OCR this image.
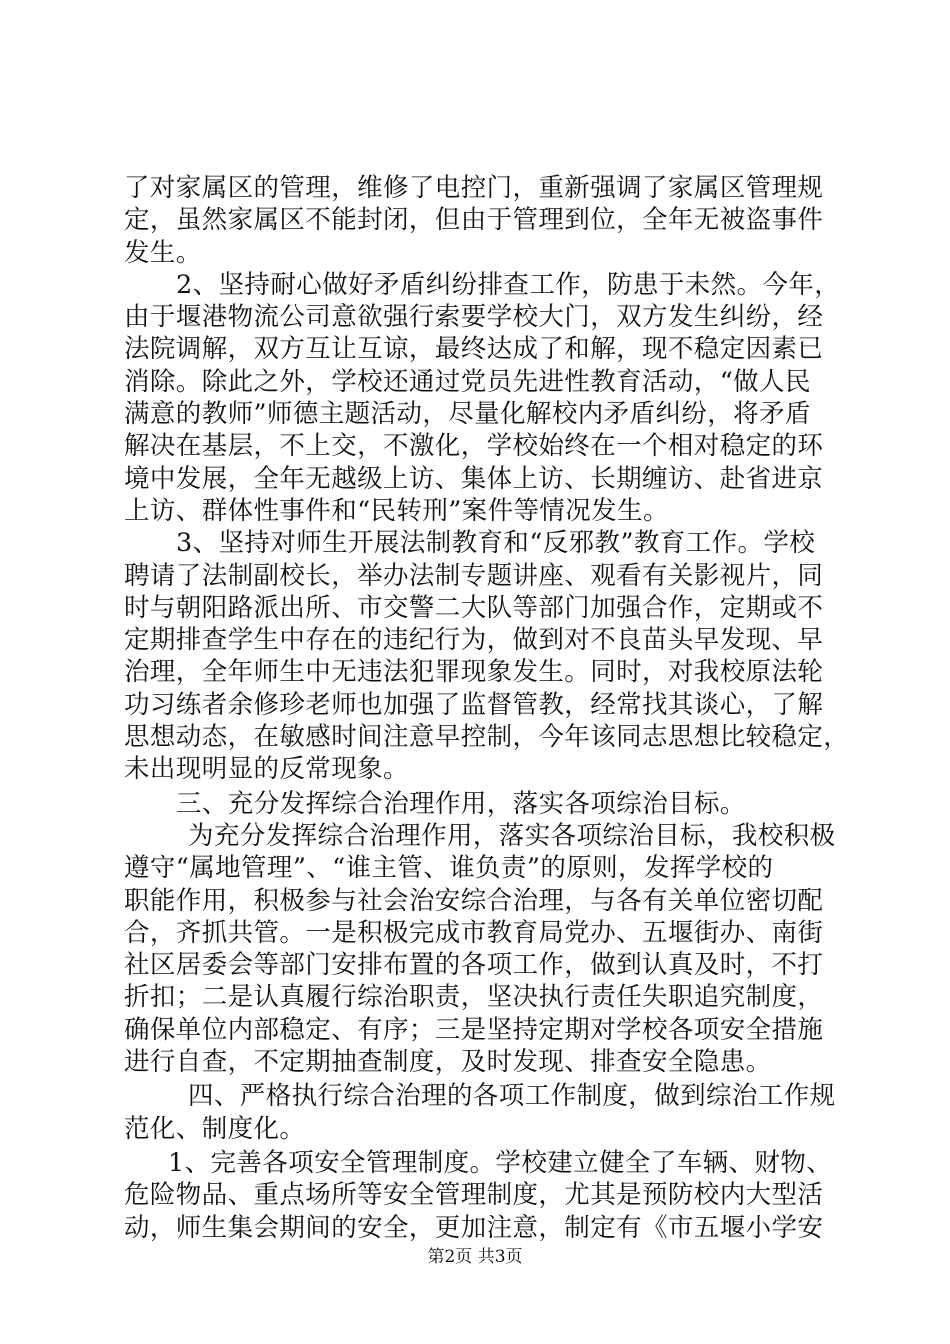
了对家属区的管理，维修了电控门，重新强调了家属区管理规
定，虽然家属区不能封闭，但由于管理到位，全年无被盗事件
发生。
2、坚持耐心做好矛盾纠纷排查工作，防患于未然。今年，
由于堰港物流公司意欲强行索要学校大门，双方发生纠纷，经
法院调解，双方互让互谅，最终达成了和解，现不稳定因素已
消除。除此之外，学校还通过党员先进性教育活动，“做人民
满意的教师”师德主题活动，尽量化解校内矛盾纠纷，将矛盾
解决在基层，不上交，不激化，学校始终在一个相对稳定的环
境中发展，全年无越级上访、集体上访、长期缠访、赴省进京
上访、群体性事件和“民转刑”案件等情况发生。
3、坚持对师生开展法制教育和“反邪教”教育工作。学校
聘请了法制副校长，举办法制专题讲座、观看有关影视片，同
时与朝阳路派出所、市交警二大队等部门加强合作，定期或不
定期排查学生中存在的违纪行为，做到对不良苗头早发现、早
治理，全年师生中无违法犯罪现象发生。同时，对我校原法轮
功习练者余修珍老师也加强了监督管教，经常找其谈心，了解
思想动态，在敏感时间注意早控制，今年该同志思想比较稳定，
未出现明显的反常现象。
三、充分发挥综合治理作用，落实各项综治目标。
为充分发挥综合治理作用，落实各项综治目标，我校积极
遵守“属地管理”、“谁主管、谁负责”的原则，发挥学校的
职能作用，积极参与社会治安综合治理，与各有关单位密切配
合，齐抓共管。一是积极完成市教育局党办、五堰街办、南街
社区居委会等部门安排布置的各项工作，做到认真及时，不打
折扣；二是认真履行综治职责，坚决执行责任失职追究制度，
确保单位内部稳定、有序；三是坚持定期对学校各项安全措施
进行自查，不定期抽查制度，及时发现、排查安全隐患。
四、严格执行综合治理的各项工作制度，做到综治工作规
范化、制度化。
1、完善各项安全管理制度。学校建立健全了车辆、财物、
危险物品、重点场所等安全管理制度，尤其是预防校内大型活
动，师生集会期间的安全，更加注意，制定有《市五堰小学安
第2页 共3页
